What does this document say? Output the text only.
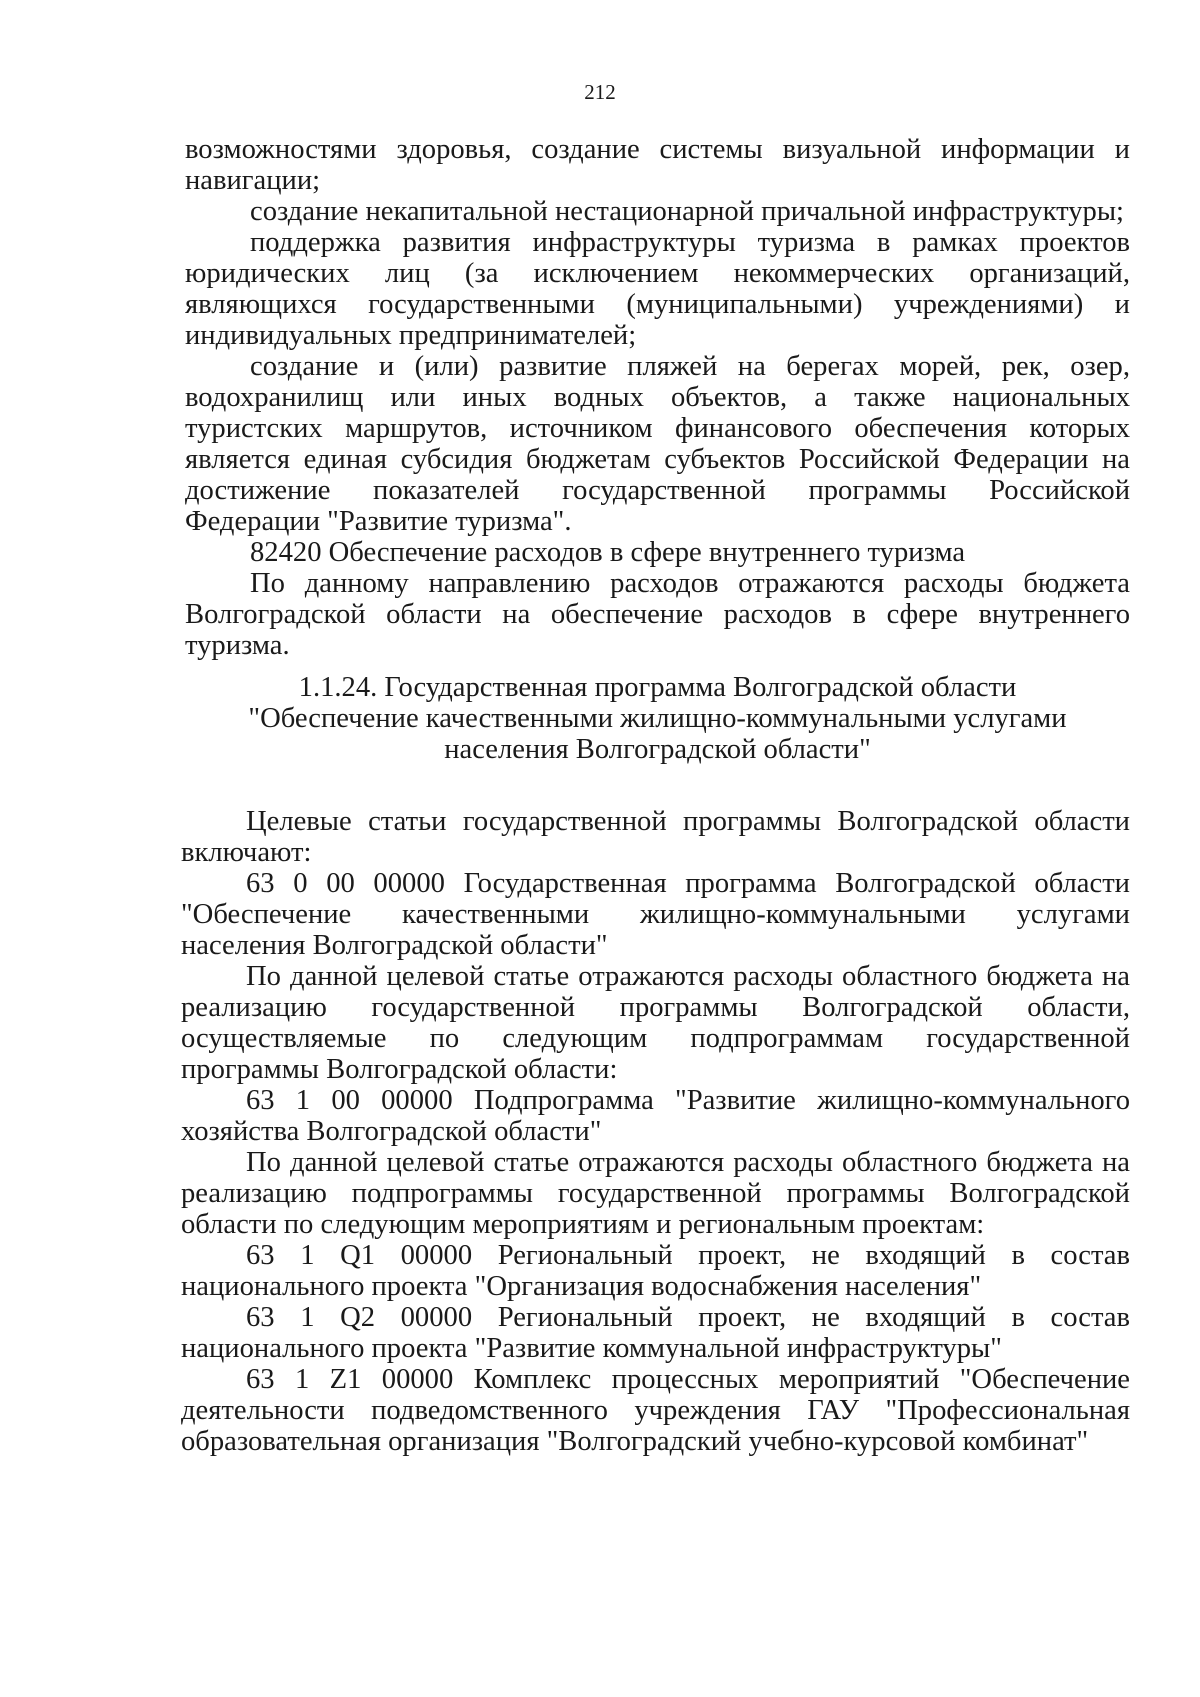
212

возможностями здоровья, создание системы визуальной информации и навигации;

создание некапитальной нестационарной причальной инфраструктуры;

поддержка развития инфраструктуры туризма в рамках проектов юридических лиц (за исключением некоммерческих организаций, являющихся государственными (муниципальными) учреждениями) и индивидуальных предпринимателей;

создание и (или) развитие пляжей на берегах морей, рек, озер, водохранилищ или иных водных объектов, а также национальных туристских маршрутов, источником финансового обеспечения которых является единая субсидия бюджетам субъектов Российской Федерации на достижение показателей государственной программы Российской Федерации "Развитие туризма".

82420 Обеспечение расходов в сфере внутреннего туризма

По данному направлению расходов отражаются расходы бюджета Волгоградской области на обеспечение расходов в сфере внутреннего туризма.

1.1.24. Государственная программа Волгоградской области
"Обеспечение качественными жилищно-коммунальными услугами
населения Волгоградской области"

Целевые статьи государственной программы Волгоградской области включают:

63 0 00 00000 Государственная программа Волгоградской области "Обеспечение качественными жилищно-коммунальными услугами населения Волгоградской области"

По данной целевой статье отражаются расходы областного бюджета на реализацию государственной программы Волгоградской области, осуществляемые по следующим подпрограммам государственной программы Волгоградской области:

63 1 00 00000 Подпрограмма "Развитие жилищно-коммунального хозяйства Волгоградской области"

По данной целевой статье отражаются расходы областного бюджета на реализацию подпрограммы государственной программы Волгоградской области по следующим мероприятиям и региональным проектам:

63 1 Q1 00000 Региональный проект, не входящий в состав национального проекта "Организация водоснабжения населения"

63 1 Q2 00000 Региональный проект, не входящий в состав национального проекта "Развитие коммунальной инфраструктуры"

63 1 Z1 00000 Комплекс процессных мероприятий "Обеспечение деятельности подведомственного учреждения ГАУ "Профессиональная образовательная организация "Волгоградский учебно-курсовой комбинат"
